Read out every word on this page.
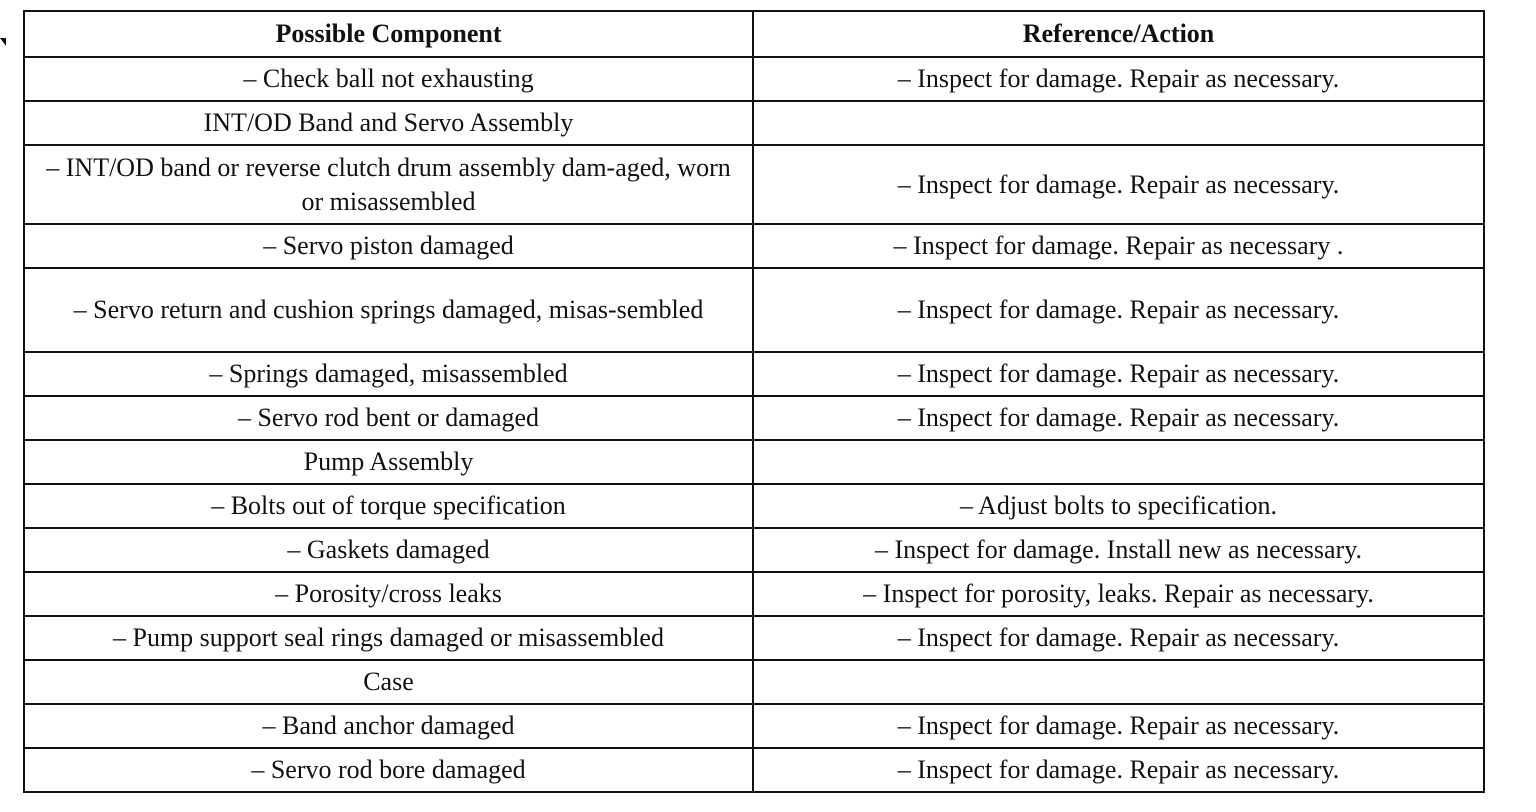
Possible Component	Reference/Action
– Check ball not exhausting	– Inspect for damage. Repair as necessary.
INT/OD Band and Servo Assembly	
– INT/OD band or reverse clutch drum assembly dam-aged, worn or misassembled	– Inspect for damage. Repair as necessary.
– Servo piston damaged	– Inspect for damage. Repair as necessary .
– Servo return and cushion springs damaged, misas-sembled	– Inspect for damage. Repair as necessary.
– Springs damaged, misassembled	– Inspect for damage. Repair as necessary.
– Servo rod bent or damaged	– Inspect for damage. Repair as necessary.
Pump Assembly	
– Bolts out of torque specification	– Adjust bolts to specification.
– Gaskets damaged	– Inspect for damage. Install new as necessary.
– Porosity/cross leaks	– Inspect for porosity, leaks. Repair as necessary.
– Pump support seal rings damaged or misassembled	– Inspect for damage. Repair as necessary.
Case	
– Band anchor damaged	– Inspect for damage. Repair as necessary.
– Servo rod bore damaged	– Inspect for damage. Repair as necessary.
